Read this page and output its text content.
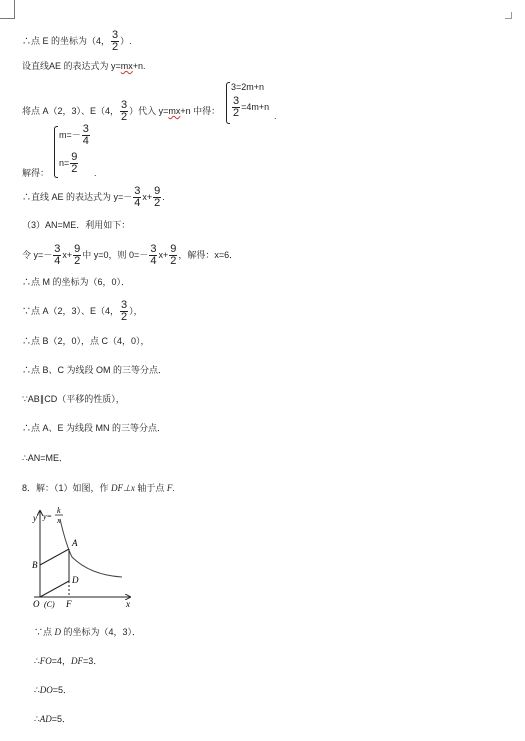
∴点 E 的坐标为（4， $\frac{3}{2}$ ）.
设直线AE 的表达式为 y=mx+n.
将点 A（2，3）、E（4， $\frac{3}{2}$ ）代入 y=mx+n 中得：
3=2m+n
$\frac{3}{2} =4m+n$
.
$m=- \frac{3}{4}$
$n= \frac{9}{2}$
解得：	.
∴直线 AE 的表达式为 $y=- \frac{3}{4} x+ \frac{9}{2}$ .
（3）AN=ME．利用如下：
令 $y=- \frac{3}{4} x+ \frac{9}{2}$ 中 y=0，则 $0=- \frac{3}{4} x+ \frac{9}{2}$ ，解得：x=6．
∴点 M 的坐标为（6，0）．
∵点 A（2，3）、E（4， $\frac{3}{2}$ ），
∴点 B（2，0），点 C（4，0），
∴点 B、C 为线段 OM 的三等分点．
∵AB∥CD（平移的性质），
∴点 A、E 为线段 MN 的三等分点．
∴AN=ME．
8．解：（1）如图，作 DF⊥x 轴于点 F.
y y=
k
x
A
B
D
O (C) F	x
∵点 D 的坐标为（4，3）．
∴FO=4，DF=3．
∴DO=5．
∴AD=5．
